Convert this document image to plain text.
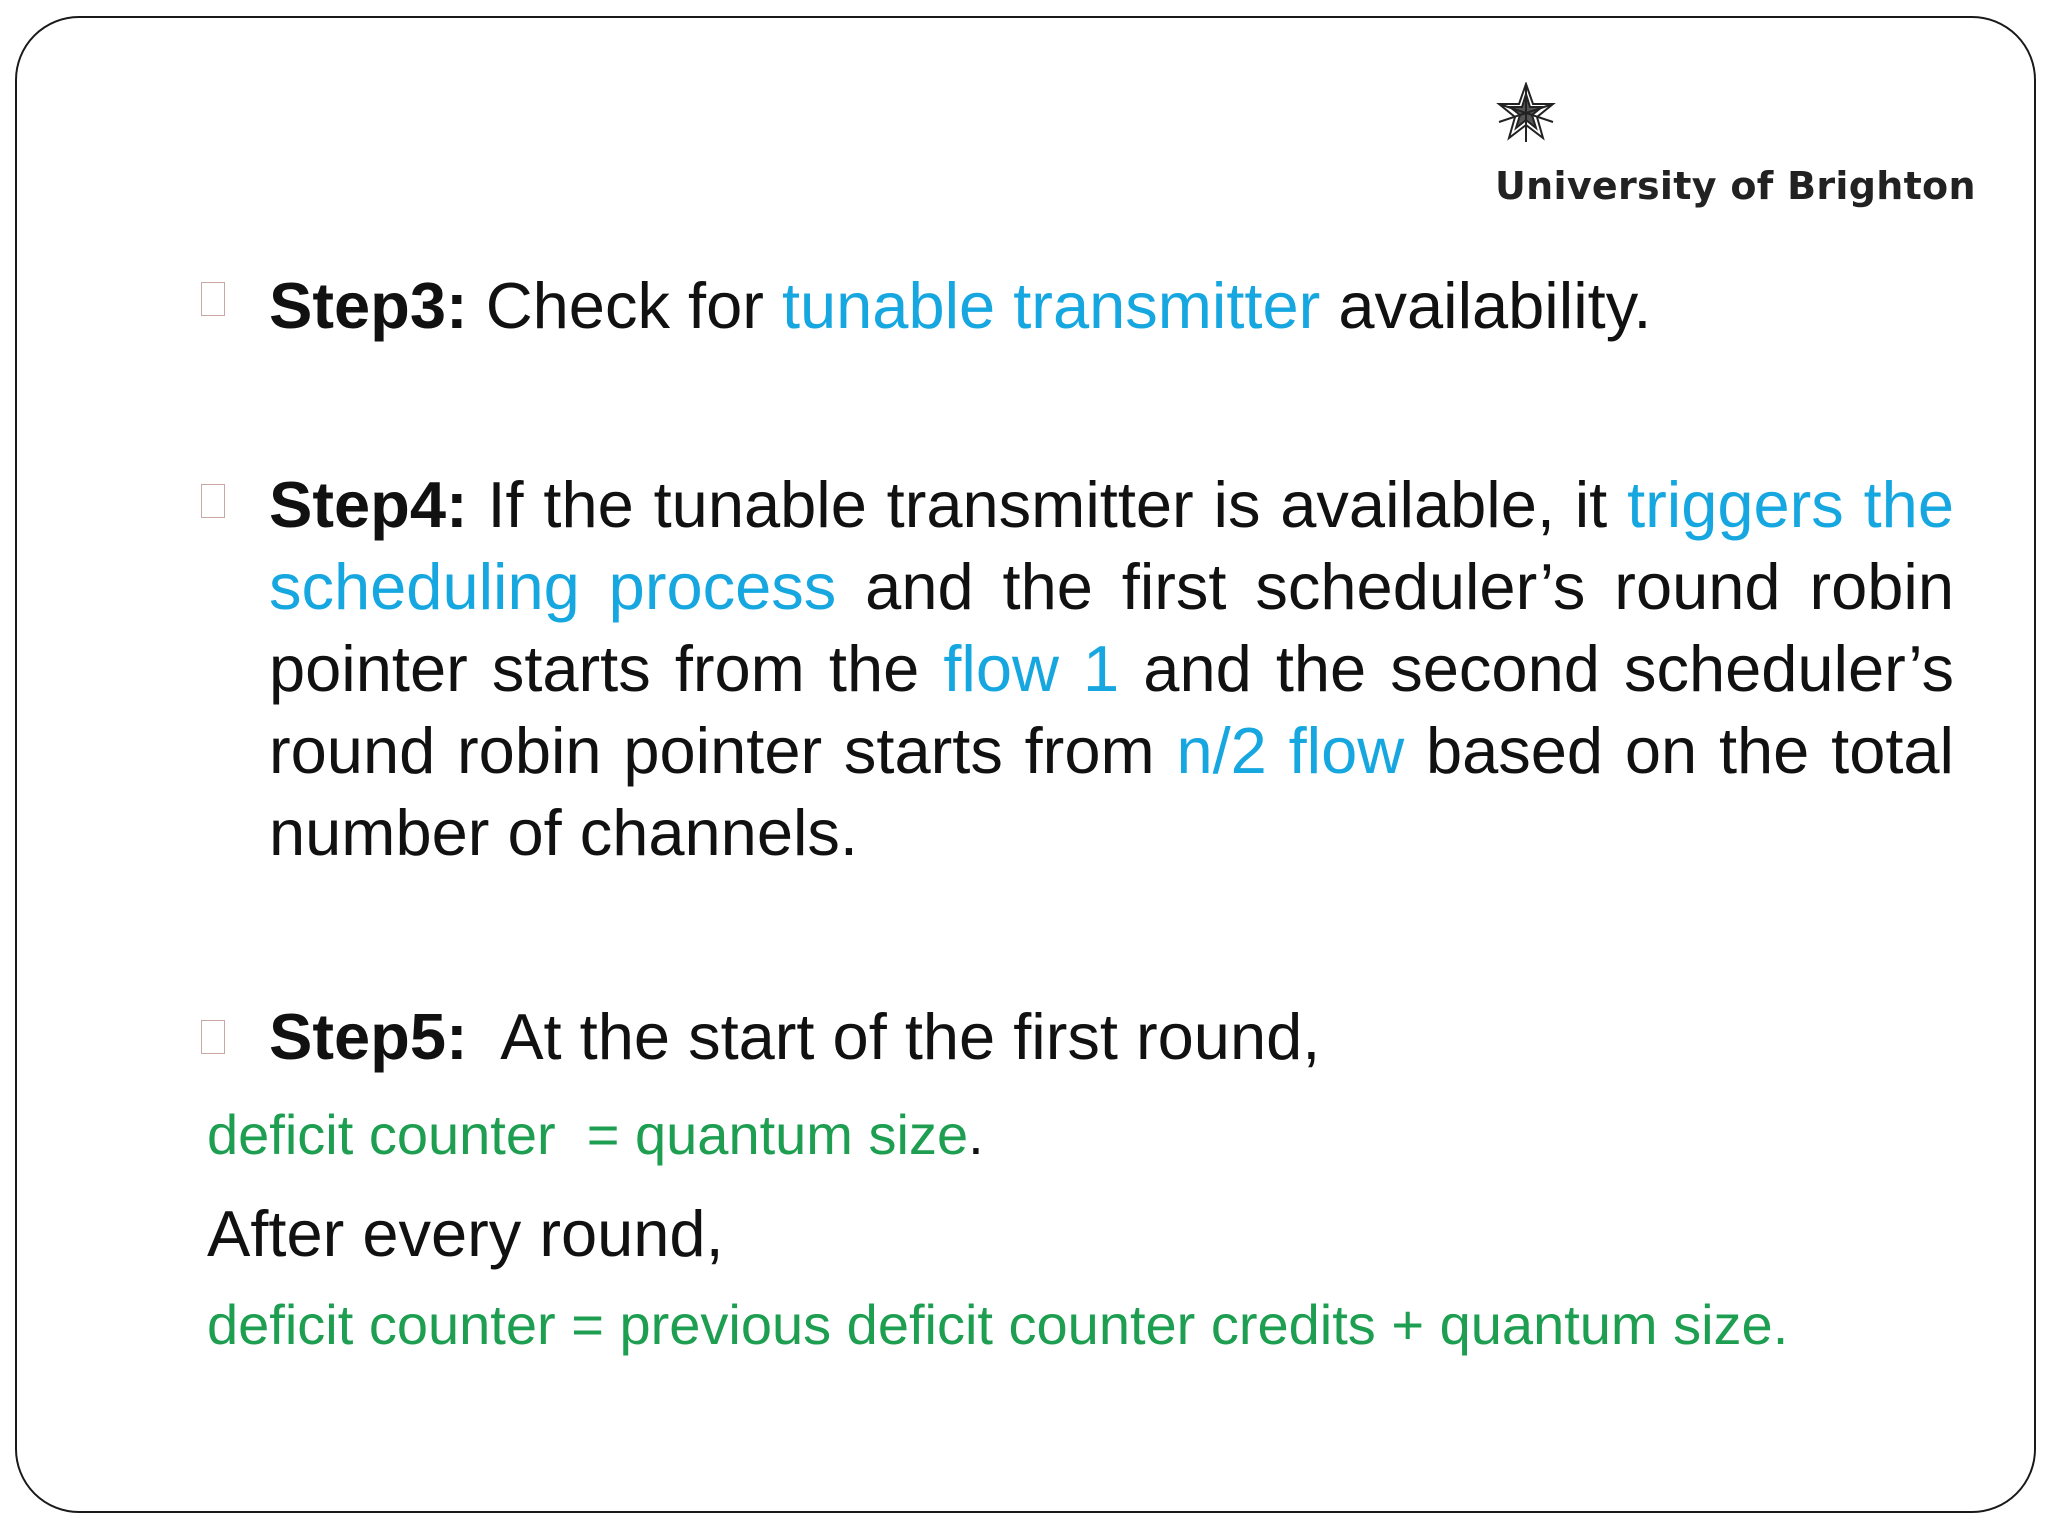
University of Brighton
Step3: Check for tunable transmitter availability.
Step4: If the tunable transmitter is available, it triggers the scheduling process and the first scheduler’s round robin pointer starts from the flow 1 and the second scheduler’s round robin pointer starts from n/2 flow based on the total number of channels.
Step5:  At the start of the first round,
deficit counter  = quantum size.
After every round,
deficit counter = previous deficit counter credits + quantum size.
